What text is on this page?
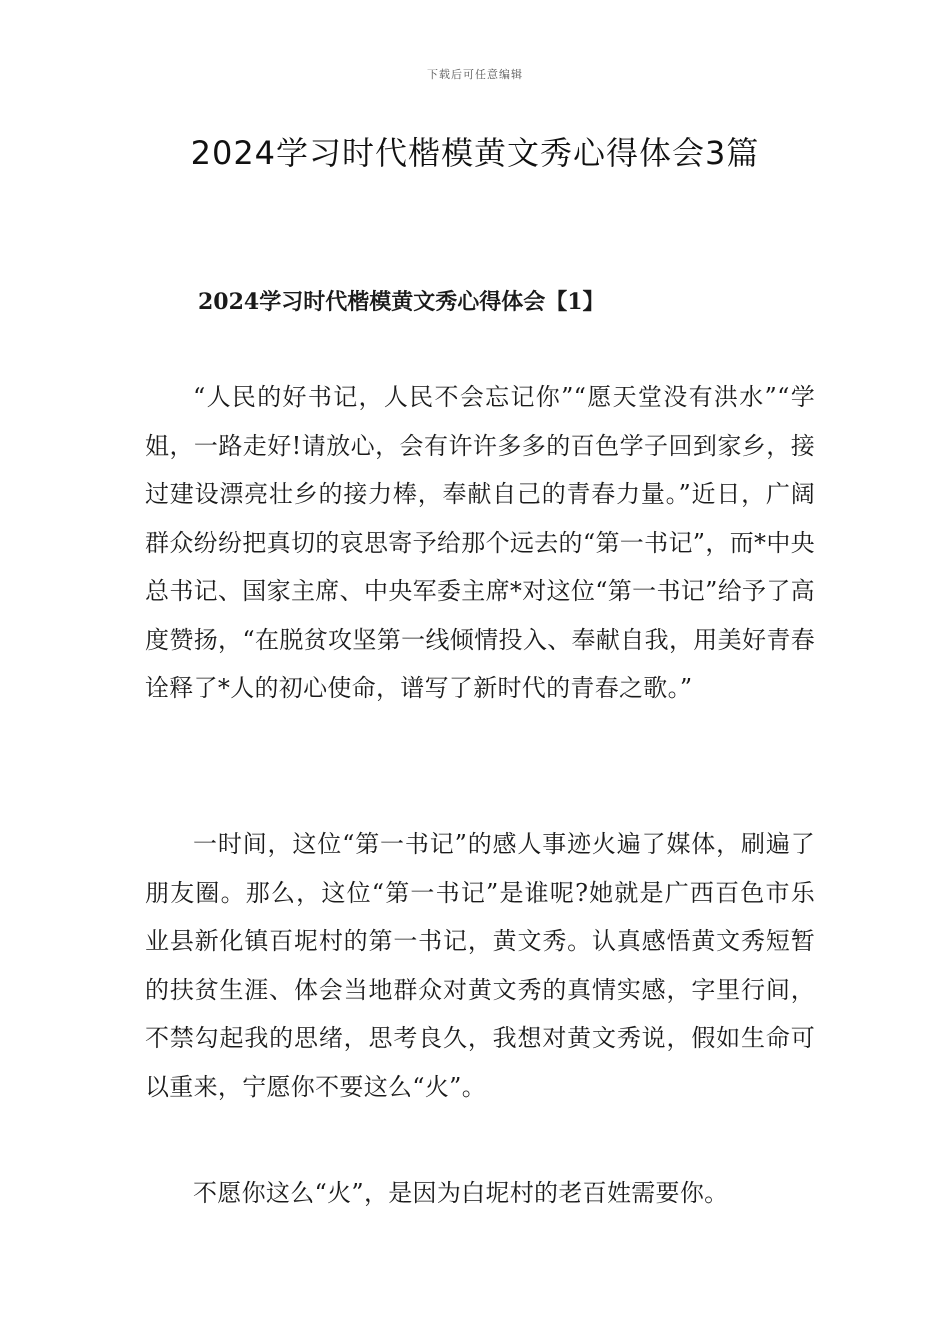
下载后可任意编辑
2024学习时代楷模黄文秀心得体会3篇
2024学习时代楷模黄文秀心得体会【1】

“人民的好书记，人民不会忘记你”“愿天堂没有洪水”“学姐，一路走好!请放心，会有许许多多的百色学子回到家乡，接过建设漂亮壮乡的接力棒，奉献自己的青春力量。”近日，广阔群众纷纷把真切的哀思寄予给那个远去的“第一书记”，而*中央总书记、国家主席、中央军委主席*对这位“第一书记”给予了高度赞扬，“在脱贫攻坚第一线倾情投入、奉献自我，用美好青春诠释了*人的初心使命，谱写了新时代的青春之歌。”

一时间，这位“第一书记”的感人事迹火遍了媒体，刷遍了朋友圈。那么，这位“第一书记”是谁呢?她就是广西百色市乐业县新化镇百坭村的第一书记，黄文秀。认真感悟黄文秀短暂的扶贫生涯、体会当地群众对黄文秀的真情实感，字里行间，不禁勾起我的思绪，思考良久，我想对黄文秀说，假如生命可以重来，宁愿你不要这么“火”。

不愿你这么“火”，是因为白坭村的老百姓需要你。
